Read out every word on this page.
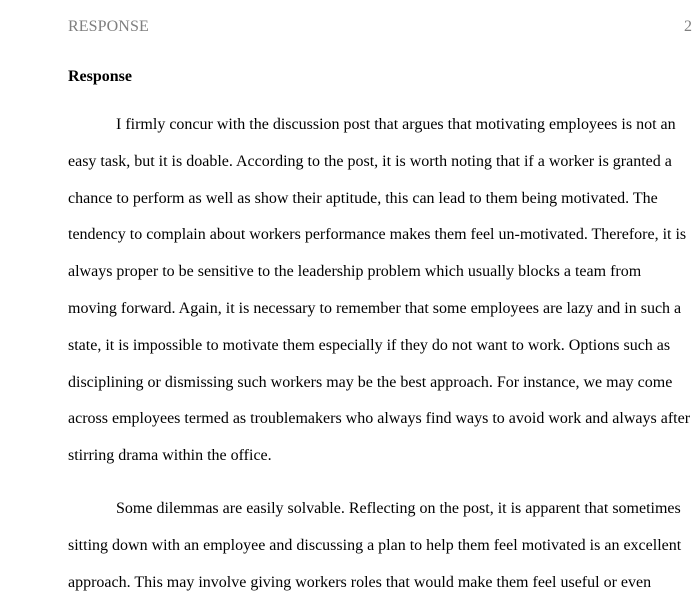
RESPONSE	2
Response
I firmly concur with the discussion post that argues that motivating employees is not an
easy task, but it is doable. According to the post, it is worth noting that if a worker is granted a
chance to perform as well as show their aptitude, this can lead to them being motivated. The
tendency to complain about workers performance makes them feel un-motivated. Therefore, it is
always proper to be sensitive to the leadership problem which usually blocks a team from
moving forward. Again, it is necessary to remember that some employees are lazy and in such a
state, it is impossible to motivate them especially if they do not want to work. Options such as
disciplining or dismissing such workers may be the best approach. For instance, we may come
across employees termed as troublemakers who always find ways to avoid work and always after
stirring drama within the office.
Some dilemmas are easily solvable. Reflecting on the post, it is apparent that sometimes
sitting down with an employee and discussing a plan to help them feel motivated is an excellent
approach. This may involve giving workers roles that would make them feel useful or even
